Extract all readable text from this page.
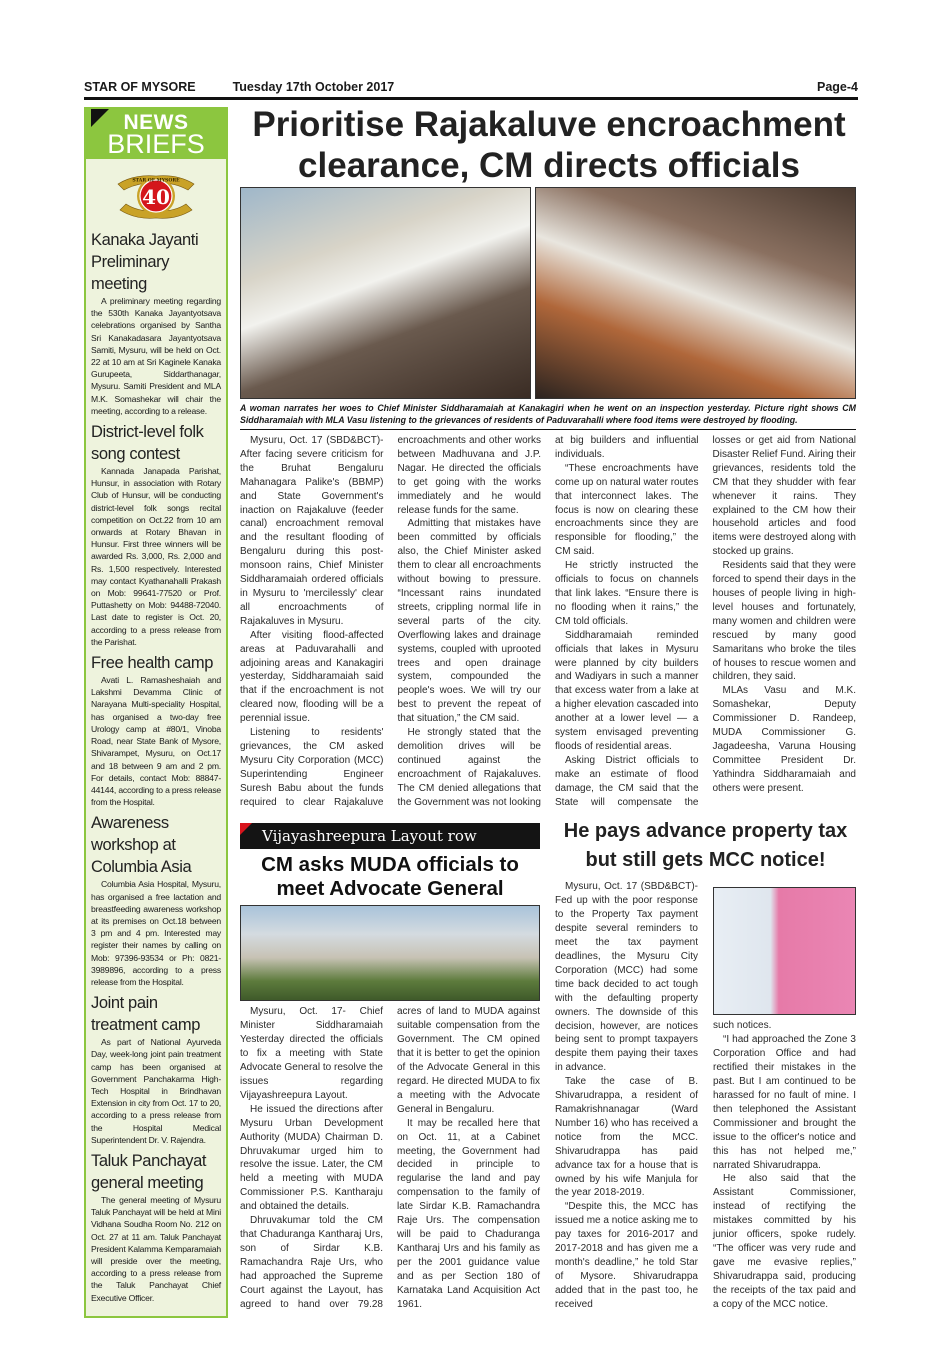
STAR OF MYSORE	Tuesday 17th October 2017	Page-4
NEWS
BRIEFS
40
STAR OF MYSORE
Kanaka Jayanti Preliminary meeting

A preliminary meeting regarding the 530th Kanaka Jayantyotsava celebrations organised by Santha Sri Kanakadasara Jayantyotsava Samiti, Mysuru, will be held on Oct. 22 at 10 am at Sri Kaginele Kanaka Gurupeeta, Siddarthanagar, Mysuru. Samiti President and MLA M.K. Somashekar will chair the meeting, according to a release.

District-level folk song contest

Kannada Janapada Parishat, Hunsur, in association with Rotary Club of Hunsur, will be conducting district-level folk songs recital competition on Oct.22 from 10 am onwards at Rotary Bhavan in Hunsur. First three winners will be awarded Rs. 3,000, Rs. 2,000 and Rs. 1,500 respectively. Interested may contact Kyathanahalli Prakash on Mob: 99641-77520 or Prof. Puttashetty on Mob: 94488-72040. Last date to register is Oct. 20, according to a press release from the Parishat.

Free health camp

Avati L. Ramasheshaiah and Lakshmi Devamma Clinic of Narayana Multi-speciality Hospital, has organised a two-day free Urology camp at #80/1, Vinoba Road, near State Bank of Mysore, Shivarampet, Mysuru, on Oct.17 and 18 between 9 am and 2 pm. For details, contact Mob: 88847-44144, according to a press release from the Hospital.

Awareness workshop at Columbia Asia

Columbia Asia Hospital, Mysuru, has organised a free lactation and breastfeeding awareness workshop at its premises on Oct.18 between 3 pm and 4 pm. Interested may register their names by calling on Mob: 97396-93534 or Ph: 0821-3989896, according to a press release from the Hospital.

Joint pain treatment camp

As part of National Ayurveda Day, week-long joint pain treatment camp has been organised at Government Panchakarma High-Tech Hospital in Brindhavan Extension in city from Oct. 17 to 20, according to a press release from the Hospital Medical Superintendent Dr. V. Rajendra.

Taluk Panchayat general meeting

The general meeting of Mysuru Taluk Panchayat will be held at Mini Vidhana Soudha Room No. 212 on Oct. 27 at 11 am. Taluk Panchayat President Kalamma Kemparamaiah will preside over the meeting, according to a press release from the Taluk Panchayat Chief Executive Officer.

Prioritise Rajakaluve encroachment clearance, CM directs officials
A woman narrates her woes to Chief Minister Siddharamaiah at Kanakagiri when he went on an inspection yesterday. Picture right shows CM Siddharamaiah with MLA Vasu listening to the grievances of residents of Paduvarahalli where food items were destroyed by flooding.

Mysuru, Oct. 17 (SBD&BCT)- After facing severe criticism for the Bruhat Bengaluru Mahanagara Palike's (BBMP) and State Government's inaction on Rajakaluve (feeder canal) encroachment removal and the resultant flooding of Bengaluru during this post-monsoon rains, Chief Minister Siddharamaiah ordered officials in Mysuru to 'mercilessly' clear all encroachments of Rajakaluves in Mysuru.

After visiting flood-affected areas at Paduvarahalli and adjoining areas and Kanakagiri yesterday, Siddharamaiah said that if the encroachment is not cleared now, flooding will be a perennial issue.

Listening to residents' grievances, the CM asked Mysuru City Corporation (MCC) Superintending Engineer Suresh Babu about the funds required to clear Rajakaluve encroachments and other works between Madhuvana and J.P. Nagar. He directed the officials to get going with the works immediately and he would release funds for the same.

Admitting that mistakes have been committed by officials also, the Chief Minister asked them to clear all encroachments without bowing to pressure. “Incessant rains inundated streets, crippling normal life in several parts of the city. Overflowing lakes and drainage systems, coupled with uprooted trees and open drainage system, compounded the people's woes. We will try our best to prevent the repeat of that situation,” the CM said.

He strongly stated that the demolition drives will be continued against the encroachment of Rajakaluves. The CM denied allegations that the Government was not looking at big builders and influential individuals.

“These encroachments have come up on natural water routes that interconnect lakes. The focus is now on clearing these encroachments since they are responsible for flooding,” the CM said.

He strictly instructed the officials to focus on channels that link lakes. “Ensure there is no flooding when it rains,” the CM told officials.

Siddharamaiah reminded officials that lakes in Mysuru were planned by city builders and Wadiyars in such a manner that excess water from a lake at a higher elevation cascaded into another at a lower level — a system envisaged preventing floods of residential areas.

Asking District officials to make an estimate of flood damage, the CM said that the State will compensate the losses or get aid from National Disaster Relief Fund. Airing their grievances, residents told the CM that they shudder with fear whenever it rains. They explained to the CM how their household articles and food items were destroyed along with stocked up grains.

Residents said that they were forced to spend their days in the houses of people living in high-level houses and fortunately, many women and children were rescued by many good Samaritans who broke the tiles of houses to rescue women and children, they said.

MLAs Vasu and M.K. Somashekar, Deputy Commissioner D. Randeep, MUDA Commissioner G. Jagadeesha, Varuna Housing Committee President Dr. Yathindra Siddharamaiah and others were present.

Vijayashreepura Layout row
CM asks MUDA officials to meet Advocate General

Mysuru, Oct. 17- Chief Minister Siddharamaiah Yesterday directed the officials to fix a meeting with State Advocate General to resolve the issues regarding Vijayashreepura Layout.

He issued the directions after Mysuru Urban Development Authority (MUDA) Chairman D. Dhruvakumar urged him to resolve the issue. Later, the CM held a meeting with MUDA Commissioner P.S. Kantharaju and obtained the details.

Dhruvakumar told the CM that Chaduranga Kantharaj Urs, son of Sirdar K.B. Ramachandra Raje Urs, who had approached the Supreme Court against the Layout, has agreed to hand over 79.28 acres of land to MUDA against suitable compensation from the Government. The CM opined that it is better to get the opinion of the Advocate General in this regard. He directed MUDA to fix a meeting with the Advocate General in Bengaluru.

It may be recalled here that on Oct. 11, at a Cabinet meeting, the Government had decided in principle to regularise the land and pay compensation to the family of late Sirdar K.B. Ramachandra Raje Urs. The compensation will be paid to Chaduranga Kantharaj Urs and his family as per the 2001 guidance value and as per Section 180 of Karnataka Land Acquisition Act 1961.

He pays advance property tax but still gets MCC notice!

Mysuru, Oct. 17 (SBD&BCT)- Fed up with the poor response to the Property Tax payment despite several reminders to meet the tax payment deadlines, the Mysuru City Corporation (MCC) had some time back decided to act tough with the defaulting property owners. The downside of this decision, however, are notices being sent to prompt taxpayers despite them paying their taxes in advance.

Take the case of B. Shivarudrappa, a resident of Ramakrishnanagar (Ward Number 16) who has received a notice from the MCC. Shivarudrappa has paid advance tax for a house that is owned by his wife Manjula for the year 2018-2019.

“Despite this, the MCC has issued me a notice asking me to pay taxes for 2016-2017 and 2017-2018 and has given me a month's deadline,” he told Star of Mysore. Shivarudrappa added that in the past too, he received

such notices.

“I had approached the Zone 3 Corporation Office and had rectified their mistakes in the past. But I am continued to be harassed for no fault of mine. I then telephoned the Assistant Commissioner and brought the issue to the officer's notice and this has not helped me,” narrated Shivarudrappa.

He also said that the Assistant Commissioner, instead of rectifying the mistakes committed by his junior officers, spoke rudely. “The officer was very rude and gave me evasive replies,” Shivarudrappa said, producing the receipts of the tax paid and a copy of the MCC notice.
